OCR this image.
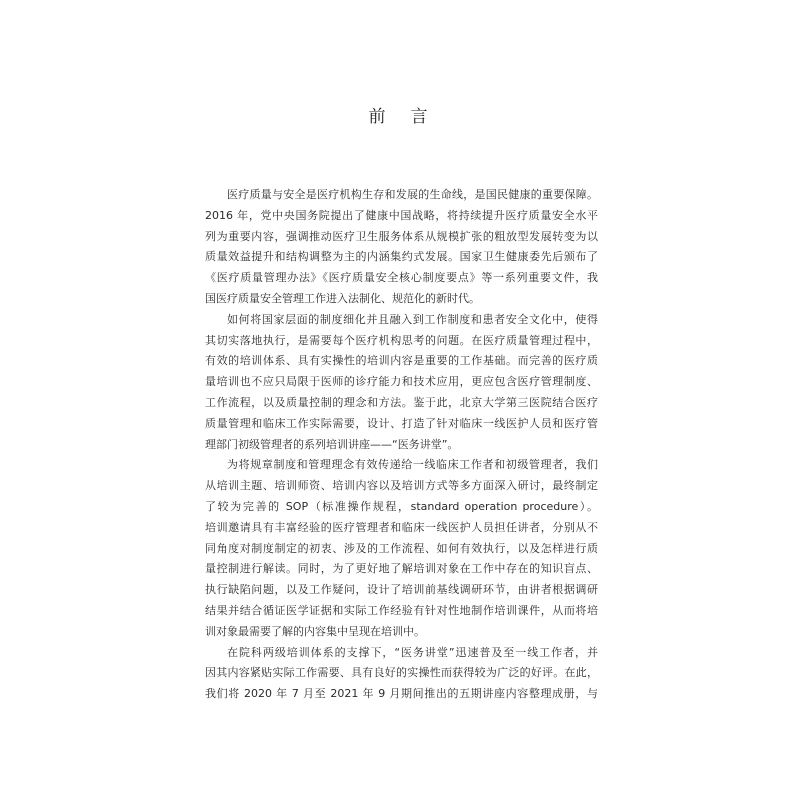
前　言
医疗质量与安全是医疗机构生存和发展的生命线，是国民健康的重要保障。
2016 年，党中央国务院提出了健康中国战略，将持续提升医疗质量安全水平
列为重要内容，强调推动医疗卫生服务体系从规模扩张的粗放型发展转变为以
质量效益提升和结构调整为主的内涵集约式发展。国家卫生健康委先后颁布了
《医疗质量管理办法》《医疗质量安全核心制度要点》等一系列重要文件，我
国医疗质量安全管理工作进入法制化、规范化的新时代。
如何将国家层面的制度细化并且融入到工作制度和患者安全文化中，使得
其切实落地执行，是需要每个医疗机构思考的问题。在医疗质量管理过程中，
有效的培训体系、具有实操性的培训内容是重要的工作基础。而完善的医疗质
量培训也不应只局限于医师的诊疗能力和技术应用，更应包含医疗管理制度、
工作流程，以及质量控制的理念和方法。鉴于此，北京大学第三医院结合医疗
质量管理和临床工作实际需要，设计、打造了针对临床一线医护人员和医疗管
理部门初级管理者的系列培训讲座——“医务讲堂”。
为将规章制度和管理理念有效传递给一线临床工作者和初级管理者，我们
从培训主题、培训师资、培训内容以及培训方式等多方面深入研讨，最终制定
了较为完善的 SOP（标准操作规程，standard operation procedure）。
培训邀请具有丰富经验的医疗管理者和临床一线医护人员担任讲者，分别从不
同角度对制度制定的初衷、涉及的工作流程、如何有效执行，以及怎样进行质
量控制进行解读。同时，为了更好地了解培训对象在工作中存在的知识盲点、
执行缺陷问题，以及工作疑问，设计了培训前基线调研环节，由讲者根据调研
结果并结合循证医学证据和实际工作经验有针对性地制作培训课件，从而将培
训对象最需要了解的内容集中呈现在培训中。
在院科两级培训体系的支撑下，“医务讲堂”迅速普及至一线工作者，并
因其内容紧贴实际工作需要、具有良好的实操性而获得较为广泛的好评。在此，
我们将 2020 年 7 月至 2021 年 9 月期间推出的五期讲座内容整理成册，与
